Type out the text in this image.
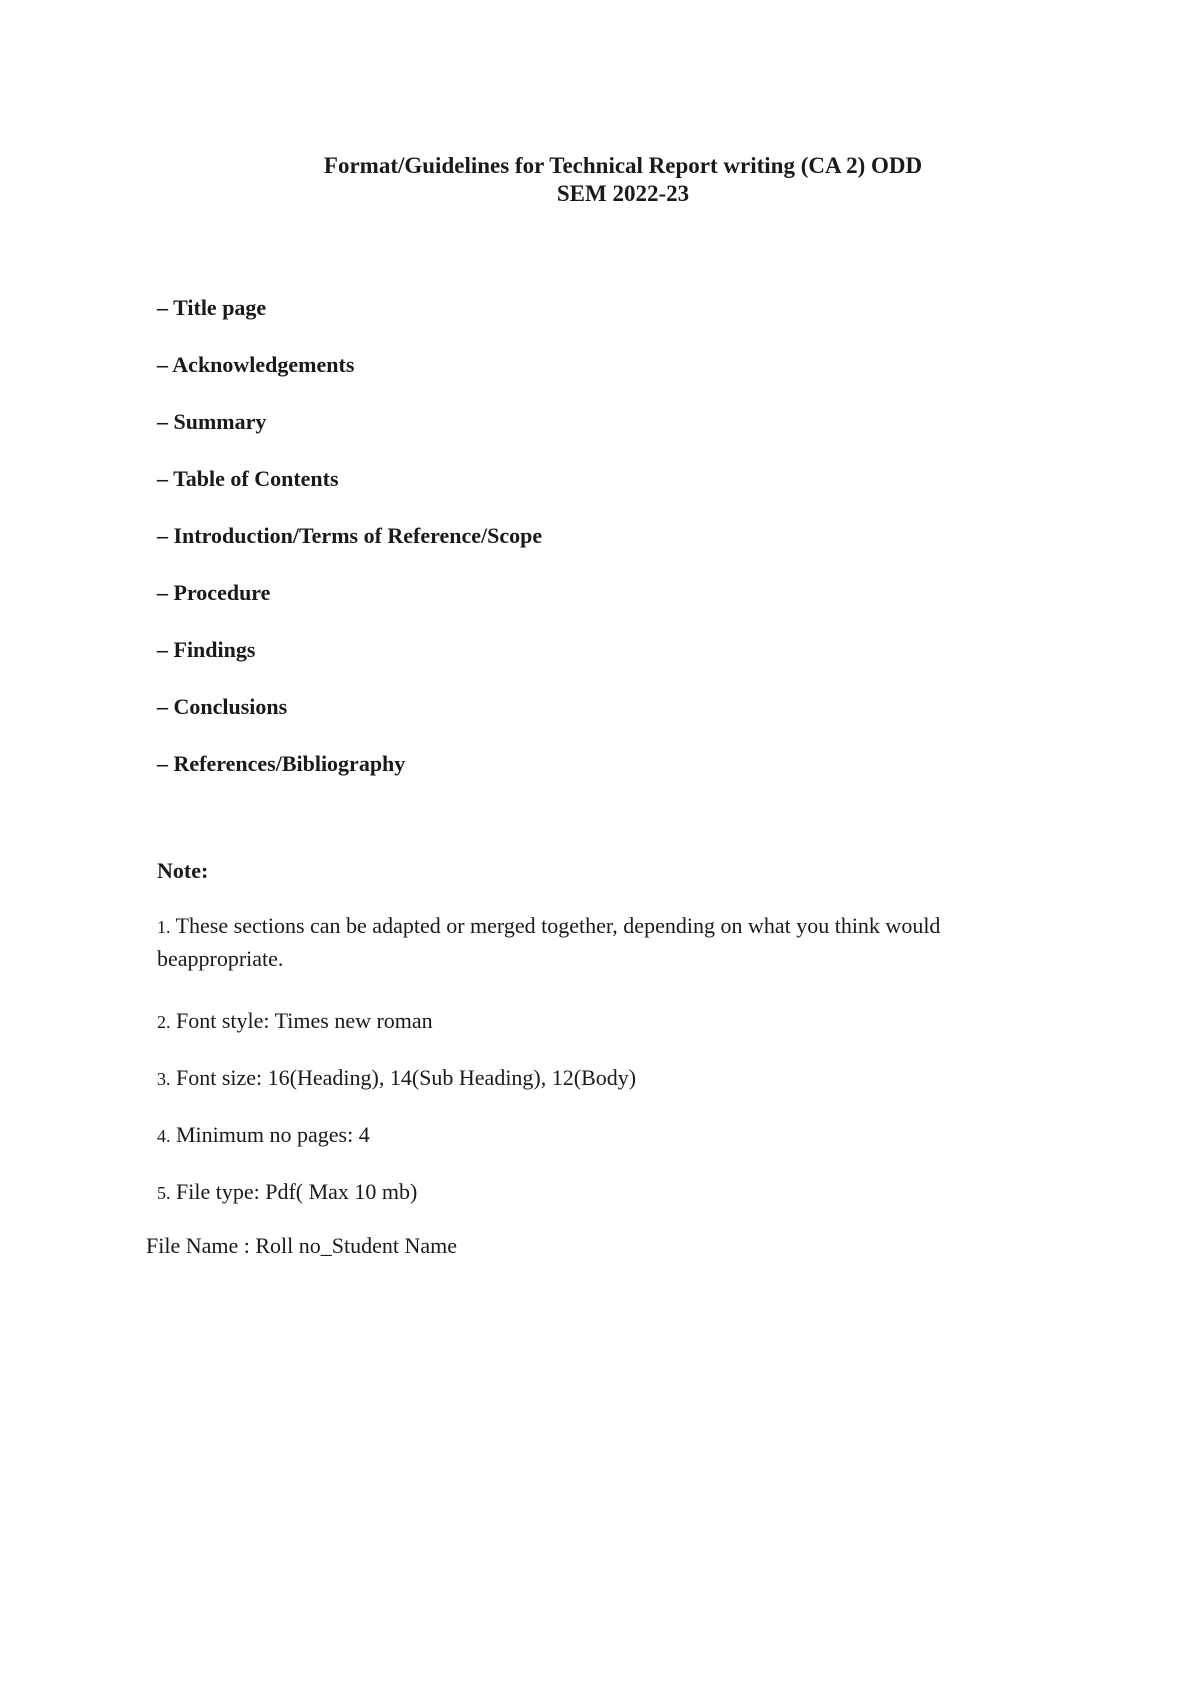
Format/Guidelines for Technical Report writing (CA 2) ODD
SEM 2022-23

– Title page

– Acknowledgements

– Summary

– Table of Contents

– Introduction/Terms of Reference/Scope

– Procedure

– Findings

– Conclusions

– References/Bibliography

Note:

1. These sections can be adapted or merged together, depending on what you think would beappropriate.

2. Font style: Times new roman

3. Font size: 16(Heading), 14(Sub Heading), 12(Body)

4. Minimum no pages: 4

5. File type: Pdf( Max 10 mb)

File Name : Roll no_Student Name
